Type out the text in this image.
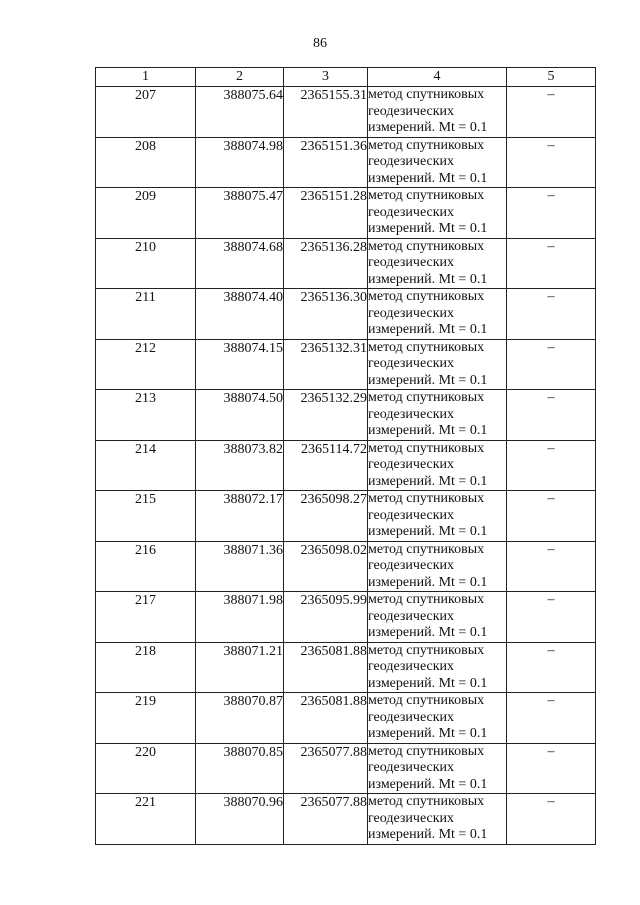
86
1	2	3	4	5
207	388075.64	2365155.31	метод спутниковых
геодезических
измерений. Mt = 0.1	–
208	388074.98	2365151.36	метод спутниковых
геодезических
измерений. Mt = 0.1	–
209	388075.47	2365151.28	метод спутниковых
геодезических
измерений. Mt = 0.1	–
210	388074.68	2365136.28	метод спутниковых
геодезических
измерений. Mt = 0.1	–
211	388074.40	2365136.30	метод спутниковых
геодезических
измерений. Mt = 0.1	–
212	388074.15	2365132.31	метод спутниковых
геодезических
измерений. Mt = 0.1	–
213	388074.50	2365132.29	метод спутниковых
геодезических
измерений. Mt = 0.1	–
214	388073.82	2365114.72	метод спутниковых
геодезических
измерений. Mt = 0.1	–
215	388072.17	2365098.27	метод спутниковых
геодезических
измерений. Mt = 0.1	–
216	388071.36	2365098.02	метод спутниковых
геодезических
измерений. Mt = 0.1	–
217	388071.98	2365095.99	метод спутниковых
геодезических
измерений. Mt = 0.1	–
218	388071.21	2365081.88	метод спутниковых
геодезических
измерений. Mt = 0.1	–
219	388070.87	2365081.88	метод спутниковых
геодезических
измерений. Mt = 0.1	–
220	388070.85	2365077.88	метод спутниковых
геодезических
измерений. Mt = 0.1	–
221	388070.96	2365077.88	метод спутниковых
геодезических
измерений. Mt = 0.1	–
